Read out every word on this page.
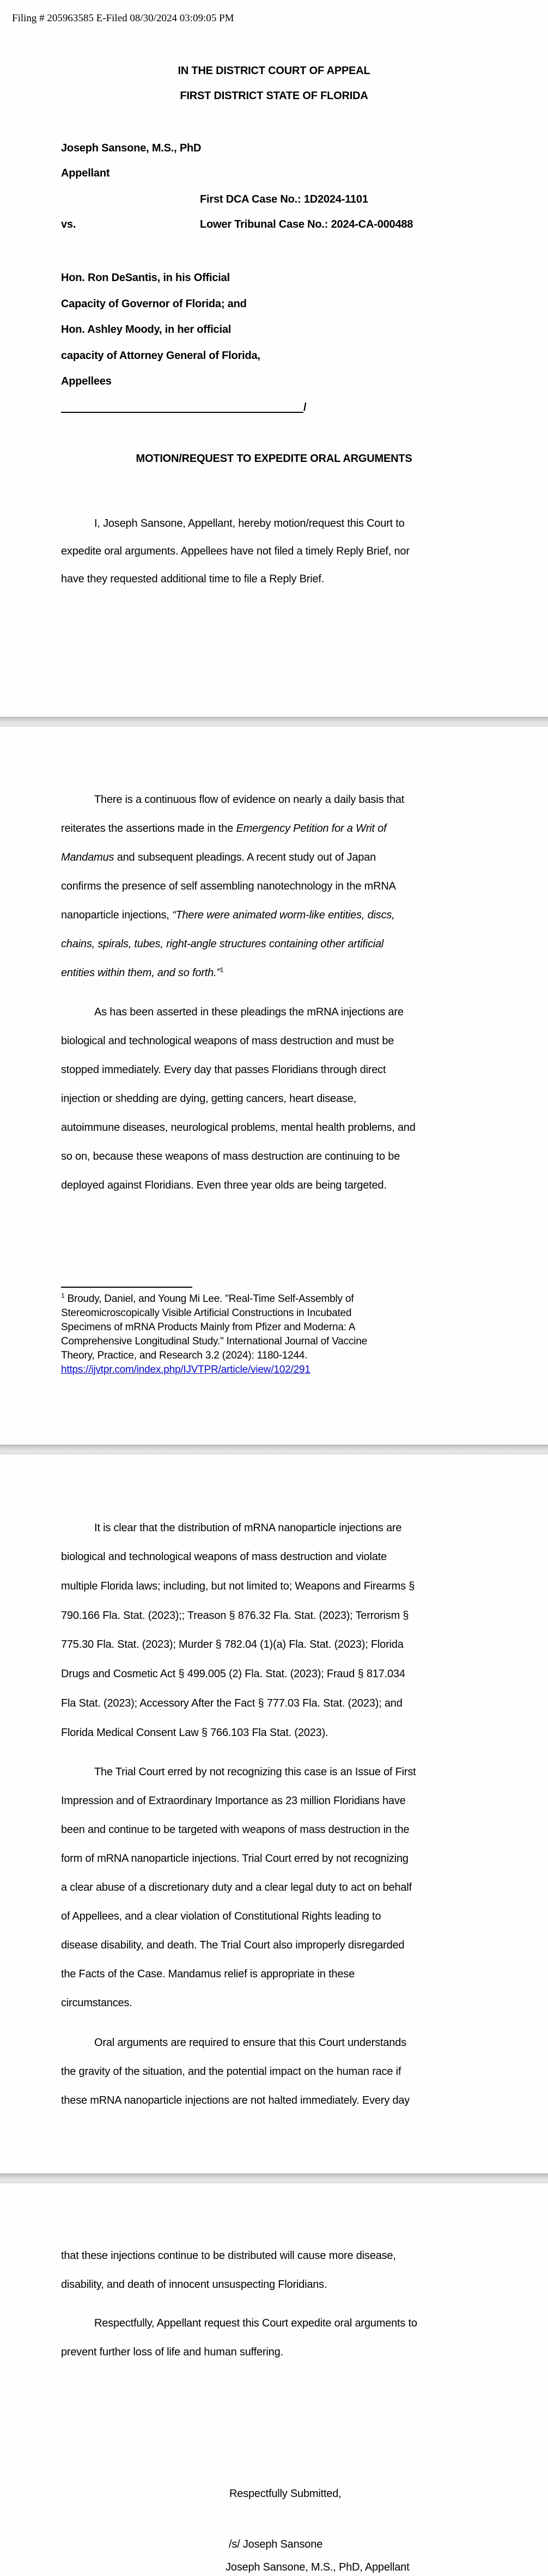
Filing # 205963585 E-Filed 08/30/2024 03:09:05 PM
IN THE DISTRICT COURT OF APPEAL
FIRST DISTRICT STATE OF FLORIDA
Joseph Sansone, M.S., PhD
Appellant
First DCA Case No.: 1D2024-1101
vs.	Lower Tribunal Case No.: 2024-CA-000488
Hon. Ron DeSantis, in his Official
Capacity of Governor of Florida; and
Hon. Ashley Moody, in her official
capacity of Attorney General of Florida,
Appellees
/
MOTION/REQUEST TO EXPEDITE ORAL ARGUMENTS
I, Joseph Sansone, Appellant, hereby motion/request this Court to
expedite oral arguments. Appellees have not filed a timely Reply Brief, nor
have they requested additional time to file a Reply Brief.
There is a continuous flow of evidence on nearly a daily basis that
reiterates the assertions made in the Emergency Petition for a Writ of
Mandamus and subsequent pleadings. A recent study out of Japan
confirms the presence of self assembling nanotechnology in the mRNA
nanoparticle injections, “There were animated worm-like entities, discs,
chains, spirals, tubes, right-angle structures containing other artificial
entities within them, and so forth.”$^1$
As has been asserted in these pleadings the mRNA injections are
biological and technological weapons of mass destruction and must be
stopped immediately. Every day that passes Floridians through direct
injection or shedding are dying, getting cancers, heart disease,
autoimmune diseases, neurological problems, mental health problems, and
so on, because these weapons of mass destruction are continuing to be
deployed against Floridians. Even three year olds are being targeted.
$^1$ Broudy, Daniel, and Young Mi Lee. "Real-Time Self-Assembly of
Stereomicroscopically Visible Artificial Constructions in Incubated
Specimens of mRNA Products Mainly from Pfizer and Moderna: A
Comprehensive Longitudinal Study." International Journal of Vaccine
Theory, Practice, and Research 3.2 (2024): 1180-1244.
https://ijvtpr.com/index.php/IJVTPR/article/view/102/291
It is clear that the distribution of mRNA nanoparticle injections are
biological and technological weapons of mass destruction and violate
multiple Florida laws; including, but not limited to; Weapons and Firearms §
790.166 Fla. Stat. (2023);; Treason § 876.32 Fla. Stat. (2023); Terrorism §
775.30 Fla. Stat. (2023); Murder § 782.04 (1)(a) Fla. Stat. (2023); Florida
Drugs and Cosmetic Act § 499.005 (2) Fla. Stat. (2023); Fraud § 817.034
Fla Stat. (2023); Accessory After the Fact § 777.03 Fla. Stat. (2023); and
Florida Medical Consent Law § 766.103 Fla Stat. (2023).
The Trial Court erred by not recognizing this case is an Issue of First
Impression and of Extraordinary Importance as 23 million Floridians have
been and continue to be targeted with weapons of mass destruction in the
form of mRNA nanoparticle injections. Trial Court erred by not recognizing
a clear abuse of a discretionary duty and a clear legal duty to act on behalf
of Appellees, and a clear violation of Constitutional Rights leading to
disease disability, and death. The Trial Court also improperly disregarded
the Facts of the Case. Mandamus relief is appropriate in these
circumstances.
Oral arguments are required to ensure that this Court understands
the gravity of the situation, and the potential impact on the human race if
these mRNA nanoparticle injections are not halted immediately. Every day
that these injections continue to be distributed will cause more disease,
disability, and death of innocent unsuspecting Floridians.
Respectfully, Appellant request this Court expedite oral arguments to
prevent further loss of life and human suffering.
Respectfully Submitted,
/s/ Joseph Sansone
Joseph Sansone, M.S., PhD, Appellant
